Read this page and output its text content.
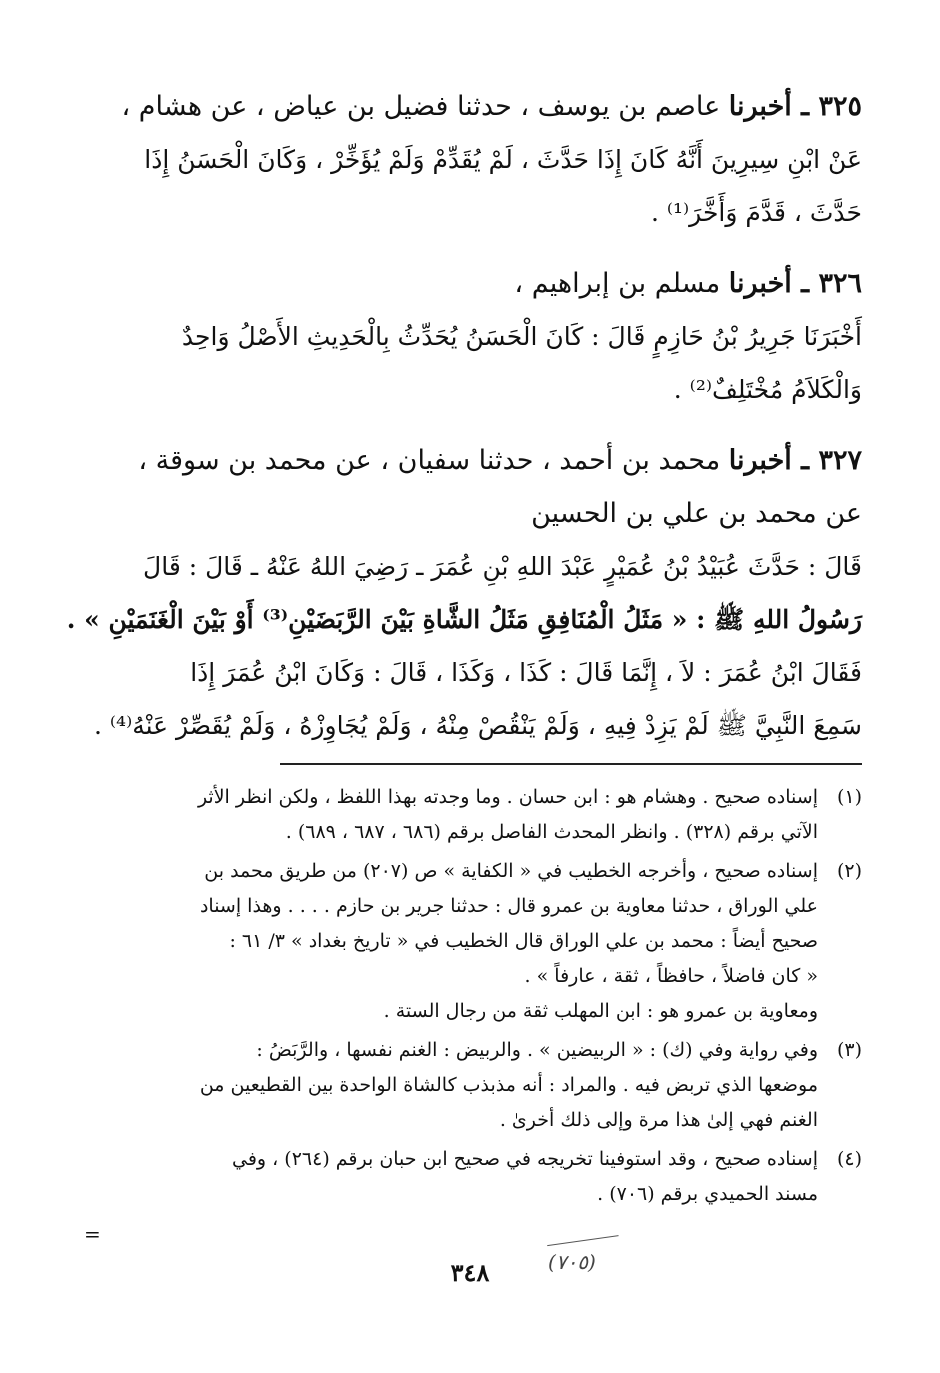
٣٢٥ ـ أخبرنا عاصم بن يوسف ، حدثنا فضيل بن عياض ، عن هشام ،
عَنْ ابْنِ سِيرِينَ أَنَّهُ كَانَ إِذَا حَدَّثَ ، لَمْ يُقَدِّمْ وَلَمْ يُؤَخِّرْ ، وَكَانَ الْحَسَنُ إِذَا
حَدَّثَ ، قَدَّمَ وَأَخَّرَ⁽¹⁾ .
٣٢٦ ـ أخبرنا مسلم بن إبراهيم ،
أَخْبَرَنَا جَرِيرُ بْنُ حَازِمٍ قَالَ : كَانَ الْحَسَنُ يُحَدِّثُ بِالْحَدِيثِ الأَصْلُ وَاحِدٌ
وَالْكَلاَمُ مُخْتَلِفٌ⁽²⁾ .
٣٢٧ ـ أخبرنا محمد بن أحمد ، حدثنا سفيان ، عن محمد بن سوقة ،
عن محمد بن علي بن الحسين
قَالَ : حَدَّثَ عُبَيْدُ بْنُ عُمَيْرٍ عَبْدَ اللهِ بْنِ عُمَرَ ـ رَضِيَ اللهُ عَنْهُ ـ قَالَ : قَالَ
رَسُولُ اللهِ ﷺ : « مَثَلُ الْمُنَافِقِ مَثَلُ الشَّاةِ بَيْنَ الرَّبَضَيْنِ⁽³⁾ أَوْ بَيْنَ الْغَنَمَيْنِ » .
فَقَالَ ابْنُ عُمَرَ : لاَ ، إِنَّمَا قَالَ : كَذَا ، وَكَذَا ، قَالَ : وَكَانَ ابْنُ عُمَرَ إِذَا
سَمِعَ النَّبِيَّ ﷺ لَمْ يَزِدْ فِيهِ ، وَلَمْ يَنْقُصْ مِنْهُ ، وَلَمْ يُجَاوِزْهُ ، وَلَمْ يُقَصِّرْ عَنْهُ⁽⁴⁾ .
(١)
إسناده صحيح . وهشام هو : ابن حسان . وما وجدته بهذا اللفظ ، ولكن انظر الأثر
الآتي برقم (٣٢٨) . وانظر المحدث الفاصل برقم (٦٨٦ ، ٦٨٧ ، ٦٨٩) .
(٢)
إسناده صحيح ، وأخرجه الخطيب في « الكفاية » ص (٢٠٧) من طريق محمد بن
علي الوراق ، حدثنا معاوية بن عمرو قال : حدثنا جرير بن حازم . . . . وهذا إسناد
صحيح أيضاً : محمد بن علي الوراق قال الخطيب في « تاريخ بغداد » ٣/ ٦١ :
« كان فاضلاً ، حافظاً ، ثقة ، عارفاً » .
ومعاوية بن عمرو هو : ابن المهلب ثقة من رجال الستة .
(٣)
وفي رواية وفي (ك) : « الربيضين » . والربيض : الغنم نفسها ، والرَّبَضُ :
موضعها الذي تربض فيه . والمراد : أنه مذبذب كالشاة الواحدة بين القطيعين من
الغنم فهي إلىٰ هذا مرة وإلى ذلك أخرىٰ .
(٤)
إسناده صحيح ، وقد استوفينا تخريجه في صحيح ابن حبان برقم (٢٦٤) ، وفي
مسند الحميدي برقم (٧٠٦) .
=
(٧٠٥)
٣٤٨
